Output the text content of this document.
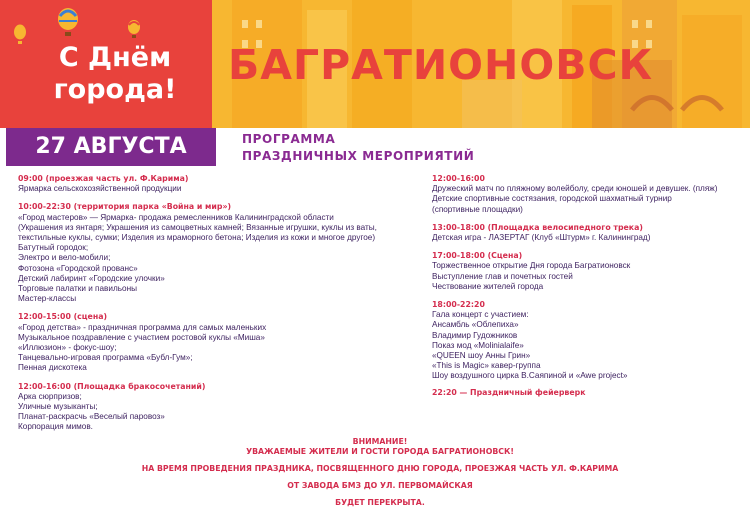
С Днём
города!
БАГРАТИОНОВСК
27 АВГУСТА	ПРОГРАММА
ПРАЗДНИЧНЫХ МЕРОПРИЯТИЙ
09:00 (проезжая часть ул. Ф.Карима)
Ярмарка сельскохозяйственной продукции
10:00-22:30 (территория парка «Война и мир»)
«Город мастеров» — Ярмарка- продажа ремесленников Калининградской области
(Украшения из янтаря; Украшения из самоцветных камней; Вязанные игрушки, куклы из ваты,
текстильные куклы, сумки; Изделия из мраморного бетона; Изделия из кожи и многое другое)
Батутный городок;
Электро и вело-мобили;
Фотозона «Городской прованс»
Детский лабиринт «Городские улочки»
Торговые палатки и павильоны
Мастер-классы
12:00-15:00 (сцена)
«Город детства» - праздничная программа для самых маленьких
Музыкальное поздравление с участием ростовой куклы «Миша»
«Иллюзион» - фокус-шоу;
Танцевально-игровая программа «Бубл-Гум»;
Пенная дискотека
12:00-16:00 (Площадка бракосочетаний)
Арка сюрпризов;
Уличные музыканты;
Планат-раскрасчь «Веселый паровоз»
Корпорация мимов.
12:00-16:00
Дружеский матч по пляжному волейболу, среди юношей и девушек. (пляж)
Детские спортивные состязания, городской шахматный турнир
(спортивные площадки)
13:00-18:00 (Площадка велосипедного трека)
Детская игра - ЛАЗЕРТАГ (Клуб «Штурм» г. Калининград)
17:00-18:00 (Сцена)
Торжественное открытие Дня города Багратионовск
Выступление глав и почетных гостей
Чествование жителей города
18:00-22:20
Гала концерт с участием:
Ансамбль «Облепиха»
Владимир Гудожников
Показ мод «Molinialaife»
«QUEEN шоу Анны Грин»
«This is Magic» кавер-группа
Шоу воздушного цирка В.Саяпиной и «Awe project»
22:20 — Праздничный фейерверк
ВНИМАНИЕ!
УВАЖАЕМЫЕ ЖИТЕЛИ И ГОСТИ ГОРОДА БАГРАТИОНОВСК!
НА ВРЕМЯ ПРОВЕДЕНИЯ ПРАЗДНИКА, ПОСВЯЩЕННОГО ДНЮ ГОРОДА, ПРОЕЗЖАЯ ЧАСТЬ УЛ. Ф.КАРИМА
ОТ ЗАВОДА БМЗ ДО УЛ. ПЕРВОМАЙСКАЯ
БУДЕТ ПЕРЕКРЫТА.
